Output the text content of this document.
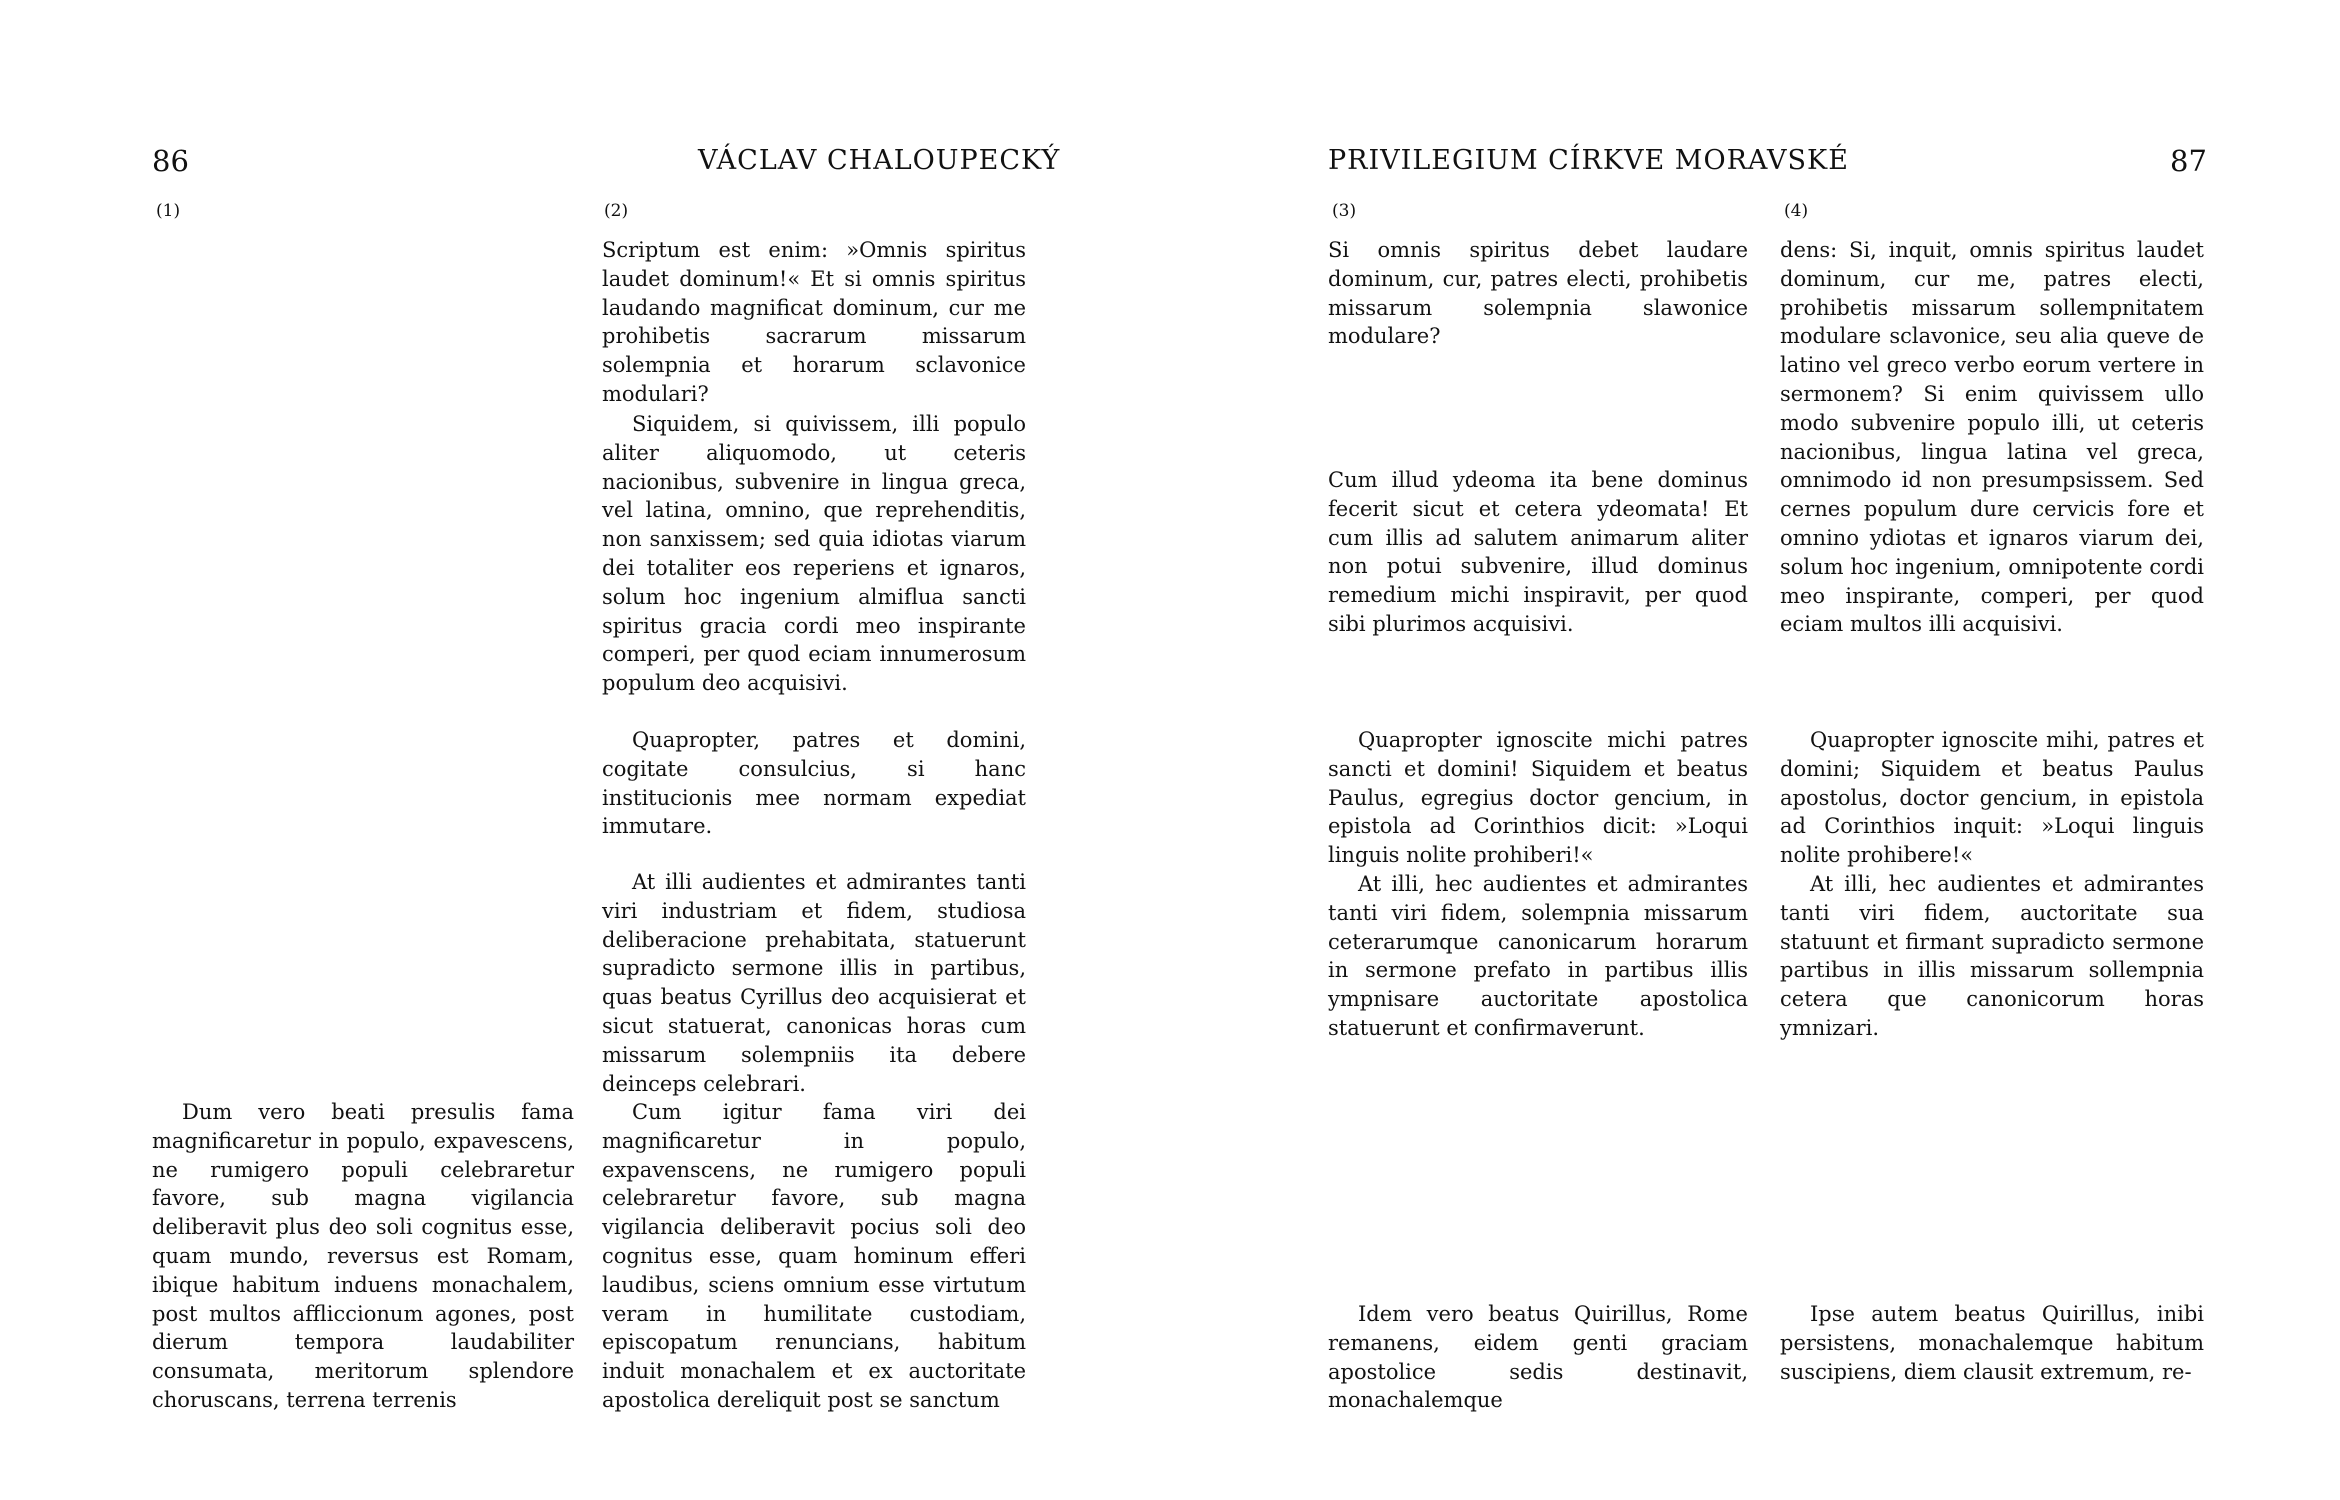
86	VÁCLAV CHALOUPECKÝ	PRIVILEGIUM CÍRKVE MORAVSKÉ	87
(1)	(2)	(3)	(4)

Scriptum est enim: »Omnis spiritus laudet dominum!« Et si omnis spiritus laudando magnificat dominum, cur me prohibetis sacrarum missarum solempnia et horarum sclavonice modulari?

Siquidem, si quivissem, illi populo aliter aliquomodo, ut ceteris nacionibus, subvenire in lingua greca, vel latina, omnino, que reprehenditis, non sanxissem; sed quia idiotas viarum dei totaliter eos reperiens et ignaros, solum hoc ingenium almiflua sancti spiritus gracia cordi meo inspirante comperi, per quod eciam innumerosum populum deo acquisivi.

Quapropter, patres et domini, cogitate consulcius, si hanc institucionis mee normam expediat immutare.

At illi audientes et admirantes tanti viri industriam et fidem, studiosa deliberacione prehabitata, statuerunt supradicto sermone illis in partibus, quas beatus Cyrillus deo acquisierat et sicut statuerat, canonicas horas cum missarum solempniis ita debere deinceps celebrari.

Cum igitur fama viri dei magnificaretur in populo, expavenscens, ne rumigero populi celebraretur favore, sub magna vigilancia deliberavit pocius soli deo cognitus esse, quam hominum efferi laudibus, sciens omnium esse virtutum veram in humilitate custodiam, episcopatum renuncians, habitum induit monachalem et ex auctoritate apostolica dereliquit post se sanctum

Dum vero beati presulis fama magnificaretur in populo, expavescens, ne rumigero populi celebraretur favore, sub magna vigilancia deliberavit plus deo soli cognitus esse, quam mundo, reversus est Romam, ibique habitum induens monachalem, post multos affliccionum agones, post dierum tempora laudabiliter consumata, meritorum splendore choruscans, terrena terrenis

Si omnis spiritus debet laudare dominum, cur, patres electi, prohibetis missarum solempnia slawonice modulare?

Cum illud ydeoma ita bene dominus fecerit sicut et cetera ydeomata! Et cum illis ad salutem animarum aliter non potui subvenire, illud dominus remedium michi inspiravit, per quod sibi plurimos acquisivi.

Quapropter ignoscite michi patres sancti et domini! Siquidem et beatus Paulus, egregius doctor gencium, in epistola ad Corinthios dicit: »Loqui linguis nolite prohiberi!«

At illi, hec audientes et admirantes tanti viri fidem, solempnia missarum ceterarumque canonicarum horarum in sermone prefato in partibus illis ympnisare auctoritate apostolica statuerunt et confirmaverunt.

Idem vero beatus Quirillus, Rome remanens, eidem genti graciam apostolice sedis destinavit, monachalemque

dens: Si, inquit, omnis spiritus laudet dominum, cur me, patres electi, prohibetis missarum sollempnitatem modulare sclavonice, seu alia queve de latino vel greco verbo eorum vertere in sermonem? Si enim quivissem ullo modo subvenire populo illi, ut ceteris nacionibus, lingua latina vel greca, omnimodo id non presumpsissem. Sed cernes populum dure cervicis fore et omnino ydiotas et ignaros viarum dei, solum hoc ingenium, omnipotente cordi meo inspirante, comperi, per quod eciam multos illi acquisivi.

Quapropter ignoscite mihi, patres et domini; Siquidem et beatus Paulus apostolus, doctor gencium, in epistola ad Corinthios inquit: »Loqui linguis nolite prohibere!«

At illi, hec audientes et admirantes tanti viri fidem, auctoritate sua statuunt et firmant supradicto sermone partibus in illis missarum sollempnia cetera que canonicorum horas ymnizari.

Ipse autem beatus Quirillus, inibi persistens, monachalemque habitum suscipiens, diem clausit extremum, re-
